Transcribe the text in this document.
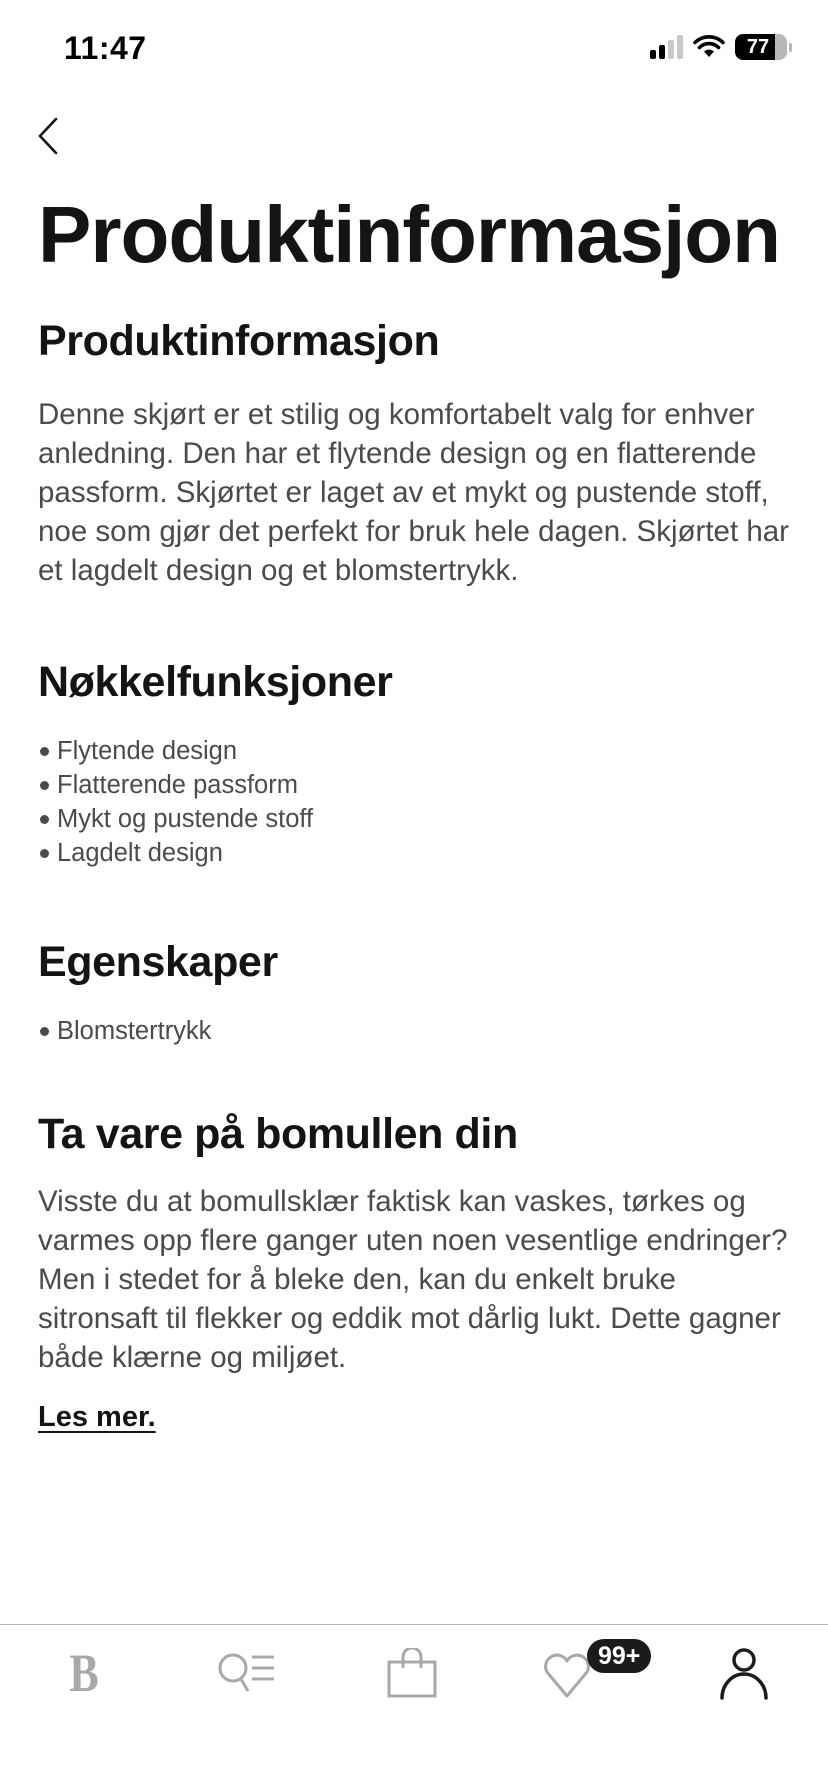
11:47	77
Produktinformasjon
Produktinformasjon

Denne skjørt er et stilig og komfortabelt valg for enhver anledning. Den har et flytende design og en flatterende passform. Skjørtet er laget av et mykt og pustende stoff, noe som gjør det perfekt for bruk hele dagen. Skjørtet har et lagdelt design og et blomstertrykk.

Nøkkelfunksjoner
Flytende design
Flatterende passform
Mykt og pustende stoff
Lagdelt design
Egenskaper
Blomstertrykk
Ta vare på bomullen din

Visste du at bomullsklær faktisk kan vaskes, tørkes og varmes opp flere ganger uten noen vesentlige endringer? Men i stedet for å bleke den, kan du enkelt bruke sitronsaft til flekker og eddik mot dårlig lukt. Dette gagner både klærne og miljøet.

Les mer.
B	99+
